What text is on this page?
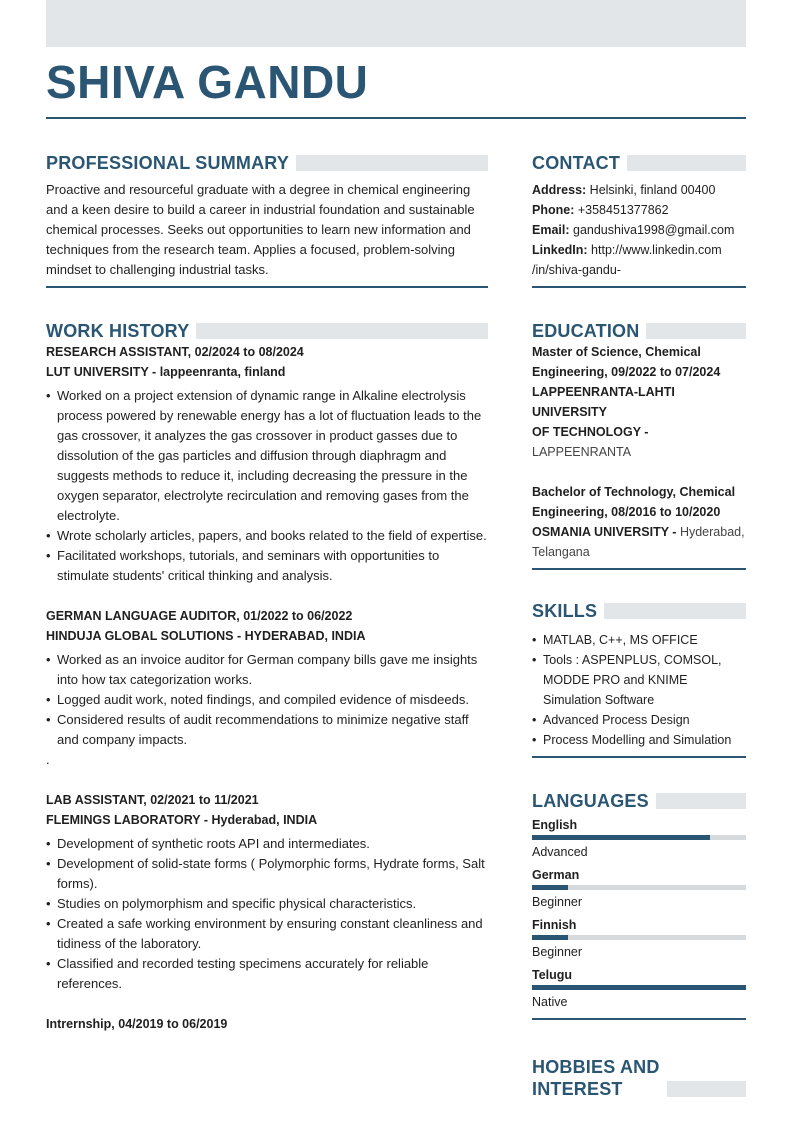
SHIVA GANDU
PROFESSIONAL SUMMARY

Proactive and resourceful graduate with a degree in chemical engineering and a keen desire to build a career in industrial foundation and sustainable chemical processes. Seeks out opportunities to learn new information and techniques from the research team. Applies a focused, problem-solving mindset to challenging industrial tasks.

WORK HISTORY

RESEARCH ASSISTANT, 02/2024 to 08/2024

LUT UNIVERSITY - lappeenranta, finland

• Worked on a project extension of dynamic range in Alkaline electrolysis process powered by renewable energy has a lot of fluctuation leads to the gas crossover, it analyzes the gas crossover in product gasses due to dissolution of the gas particles and diffusion through diaphragm and suggests methods to reduce it, including decreasing the pressure in the oxygen separator, electrolyte recirculation and removing gases from the electrolyte.
• Wrote scholarly articles, papers, and books related to the field of expertise.
• Facilitated workshops, tutorials, and seminars with opportunities to stimulate students' critical thinking and analysis.

GERMAN LANGUAGE AUDITOR, 01/2022 to 06/2022

HINDUJA GLOBAL SOLUTIONS - HYDERABAD, INDIA

• Worked as an invoice auditor for German company bills gave me insights into how tax categorization works.
• Logged audit work, noted findings, and compiled evidence of misdeeds.
• Considered results of audit recommendations to minimize negative staff and company impacts.
.

LAB ASSISTANT, 02/2021 to 11/2021

FLEMINGS LABORATORY - Hyderabad, INDIA

• Development of synthetic roots API and intermediates.
• Development of solid-state forms ( Polymorphic forms, Hydrate forms, Salt forms).
• Studies on polymorphism and specific physical characteristics.
• Created a safe working environment by ensuring constant cleanliness and tidiness of the laboratory.
• Classified and recorded testing specimens accurately for reliable references.

Intrernship, 04/2019 to 06/2019

CONTACT

Address: Helsinki, finland 00400

Phone: +358451377862

Email: gandushiva1998@gmail.com

LinkedIn: http://www.linkedin.com

/in/shiva-gandu-

EDUCATION

Master of Science, Chemical

Engineering, 09/2022 to 07/2024

LAPPEENRANTA-LAHTI UNIVERSITY

OF TECHNOLOGY - LAPPEENRANTA

Bachelor of Technology, Chemical

Engineering, 08/2016 to 10/2020

OSMANIA UNIVERSITY - Hyderabad,

Telangana

SKILLS
• MATLAB, C++, MS OFFICE
• Tools : ASPENPLUS, COMSOL, MODDE PRO and KNIME Simulation Software
• Advanced Process Design
• Process Modelling and Simulation
LANGUAGES

English

Advanced

German

Beginner

Finnish

Beginner

Telugu

Native

HOBBIES AND
INTEREST
